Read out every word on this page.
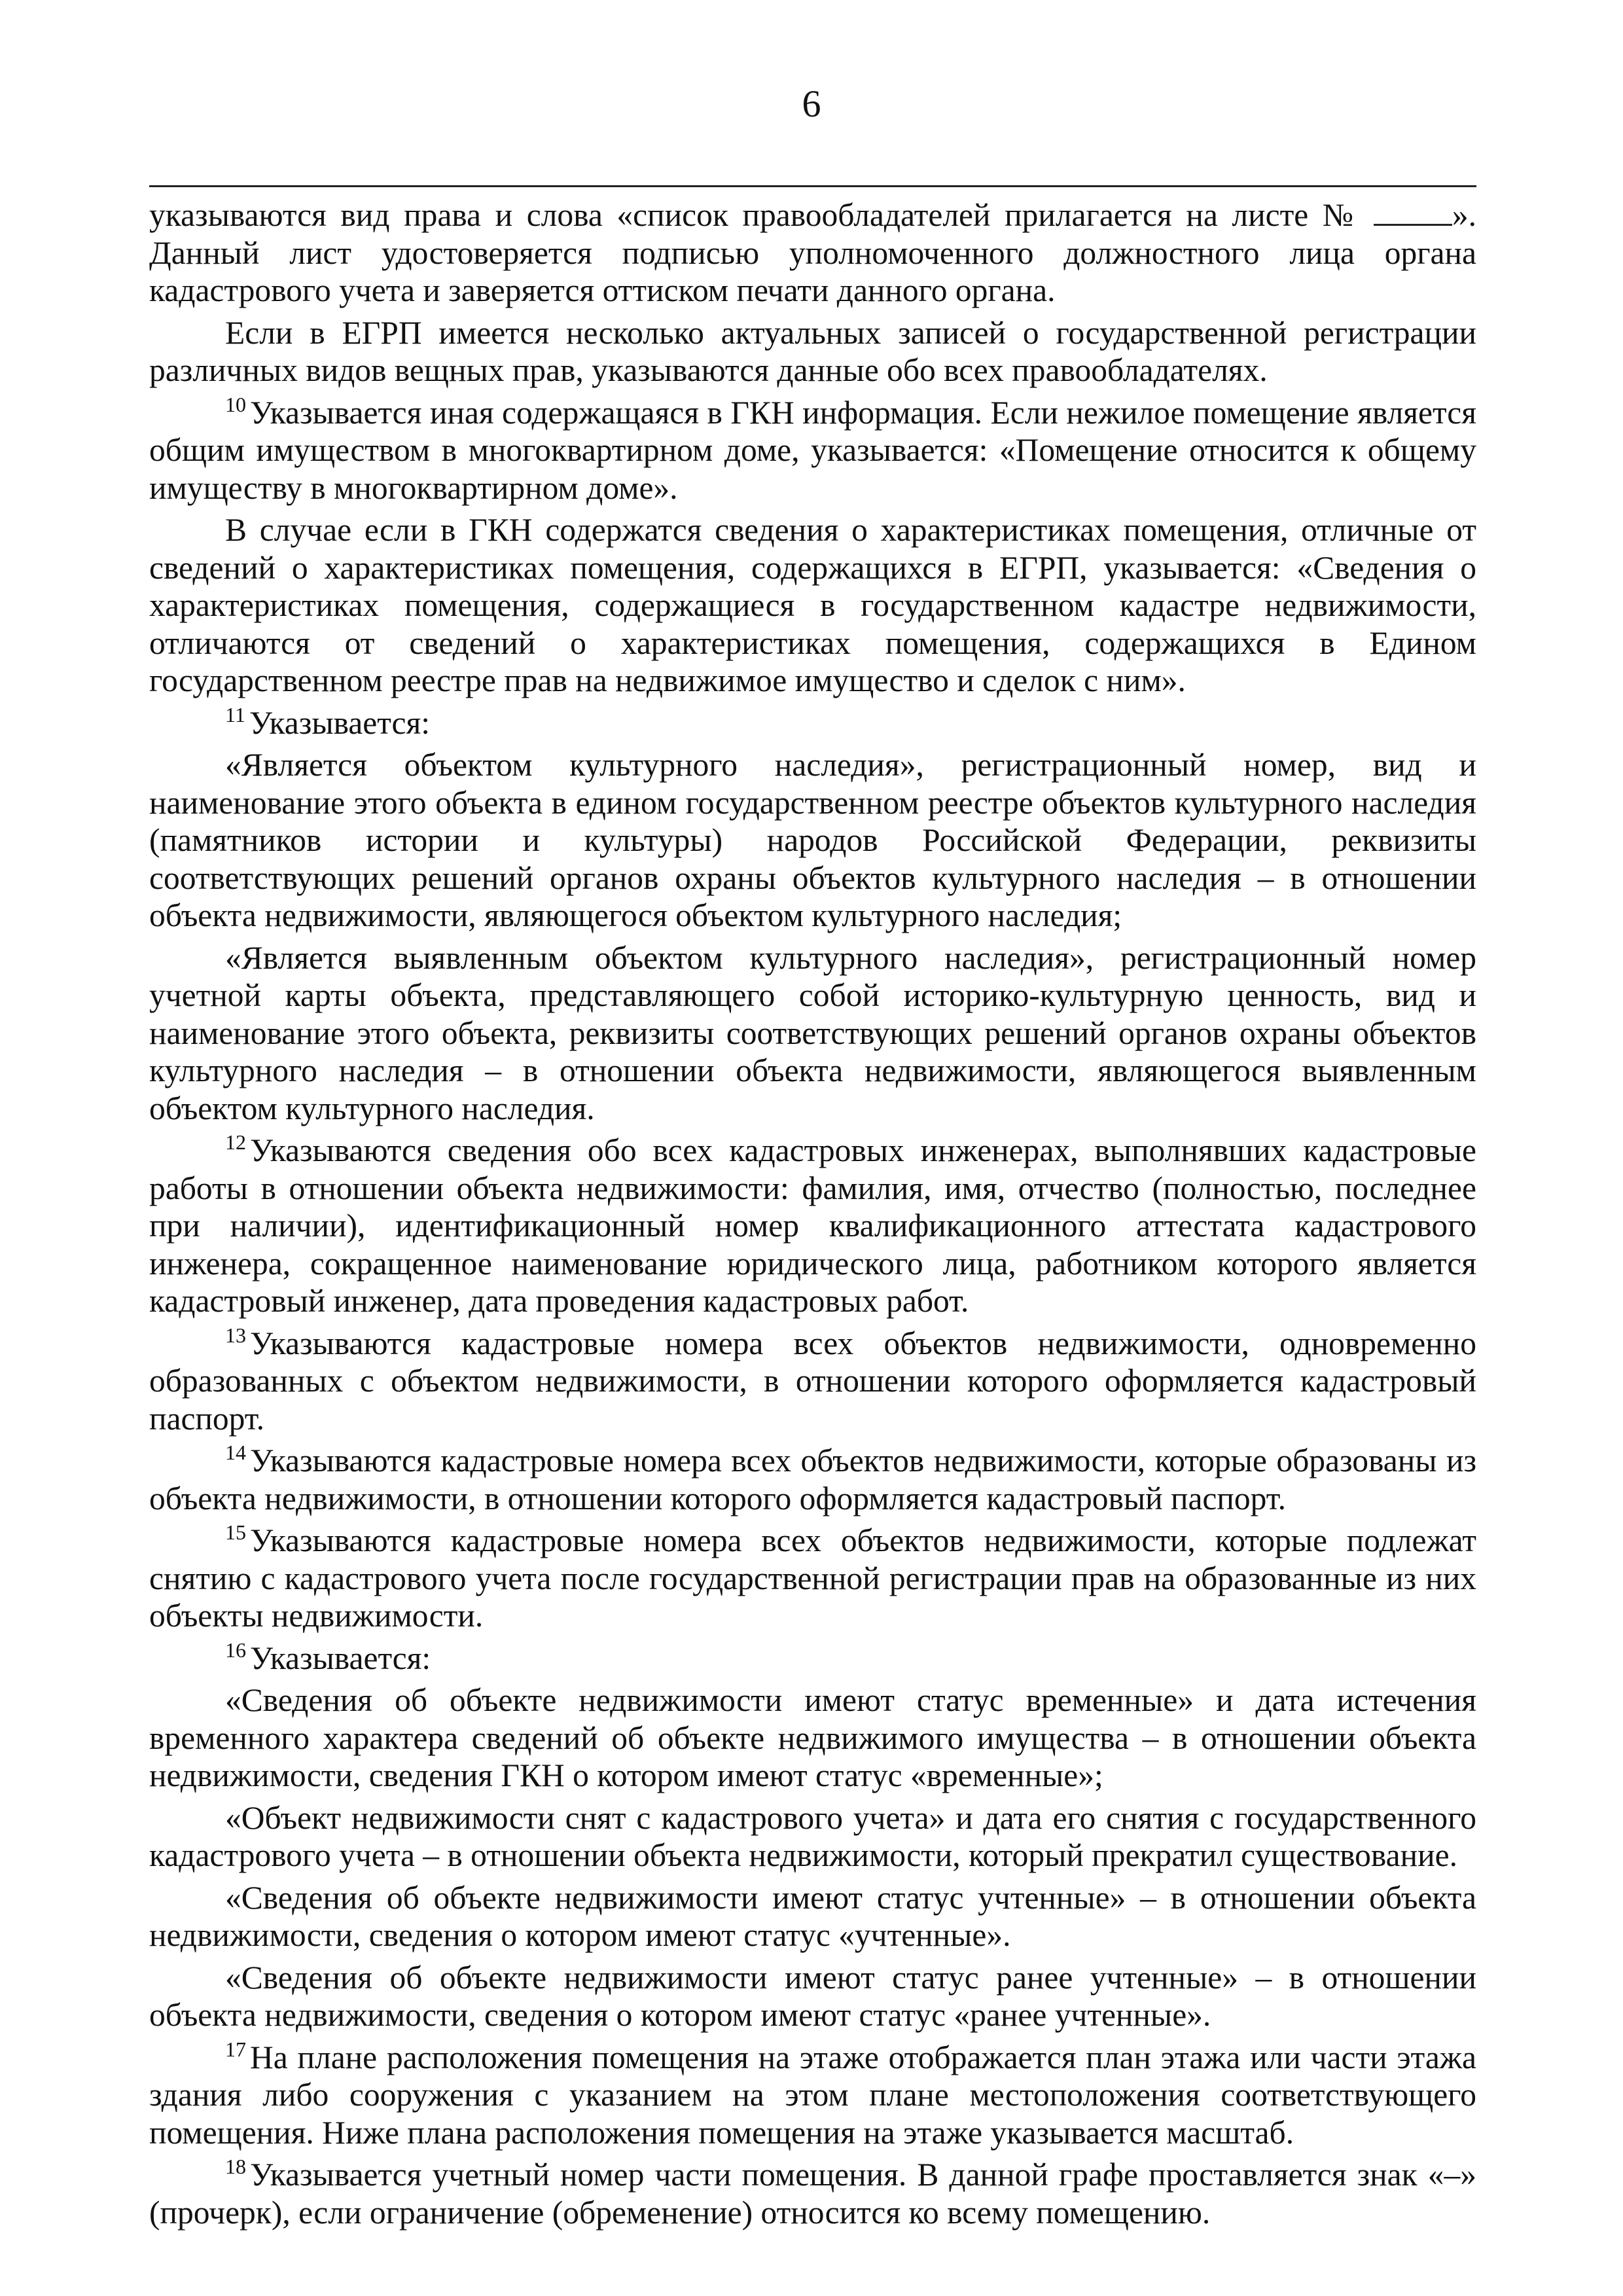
6

указываются вид права и слова «список правообладателей прилагается на листе № ». Данный лист удостоверяется подписью уполномоченного должностного лица органа кадастрового учета и заверяется оттиском печати данного органа.

Если в ЕГРП имеется несколько актуальных записей о государственной регистрации различных видов вещных прав, указываются данные обо всех правообладателях.

$^{10}$ Указывается иная содержащаяся в ГКН информация. Если нежилое помещение является общим имуществом в многоквартирном доме, указывается: «Помещение относится к общему имуществу в многоквартирном доме».

В случае если в ГКН содержатся сведения о характеристиках помещения, отличные от сведений о характеристиках помещения, содержащихся в ЕГРП, указывается: «Сведения о характеристиках помещения, содержащиеся в государственном кадастре недвижимости, отличаются от сведений о характеристиках помещения, содержащихся в Едином государственном реестре прав на недвижимое имущество и сделок с ним».

$^{11}$ Указывается:

«Является объектом культурного наследия», регистрационный номер, вид и наименование этого объекта в едином государственном реестре объектов культурного наследия (памятников истории и культуры) народов Российской Федерации, реквизиты соответствующих решений органов охраны объектов культурного наследия – в отношении объекта недвижимости, являющегося объектом культурного наследия;

«Является выявленным объектом культурного наследия», регистрационный номер учетной карты объекта, представляющего собой историко-культурную ценность, вид и наименование этого объекта, реквизиты соответствующих решений органов охраны объектов культурного наследия – в отношении объекта недвижимости, являющегося выявленным объектом культурного наследия.

$^{12}$ Указываются сведения обо всех кадастровых инженерах, выполнявших кадастровые работы в отношении объекта недвижимости: фамилия, имя, отчество (полностью, последнее при наличии), идентификационный номер квалификационного аттестата кадастрового инженера, сокращенное наименование юридического лица, работником которого является кадастровый инженер, дата проведения кадастровых работ.

$^{13}$ Указываются кадастровые номера всех объектов недвижимости, одновременно образованных с объектом недвижимости, в отношении которого оформляется кадастровый паспорт.

$^{14}$ Указываются кадастровые номера всех объектов недвижимости, которые образованы из объекта недвижимости, в отношении которого оформляется кадастровый паспорт.

$^{15}$ Указываются кадастровые номера всех объектов недвижимости, которые подлежат снятию с кадастрового учета после государственной регистрации прав на образованные из них объекты недвижимости.

$^{16}$ Указывается:

«Сведения об объекте недвижимости имеют статус временные» и дата истечения временного характера сведений об объекте недвижимого имущества – в отношении объекта недвижимости, сведения ГКН о котором имеют статус «временные»;

«Объект недвижимости снят с кадастрового учета» и дата его снятия с государственного кадастрового учета – в отношении объекта недвижимости, который прекратил существование.

«Сведения об объекте недвижимости имеют статус учтенные» – в отношении объекта недвижимости, сведения о котором имеют статус «учтенные».

«Сведения об объекте недвижимости имеют статус ранее учтенные» – в отношении объекта недвижимости, сведения о котором имеют статус «ранее учтенные».

$^{17}$ На плане расположения помещения на этаже отображается план этажа или части этажа здания либо сооружения с указанием на этом плане местоположения соответствующего помещения. Ниже плана расположения помещения на этаже указывается масштаб.

$^{18}$ Указывается учетный номер части помещения. В данной графе проставляется знак «–» (прочерк), если ограничение (обременение) относится ко всему помещению.
